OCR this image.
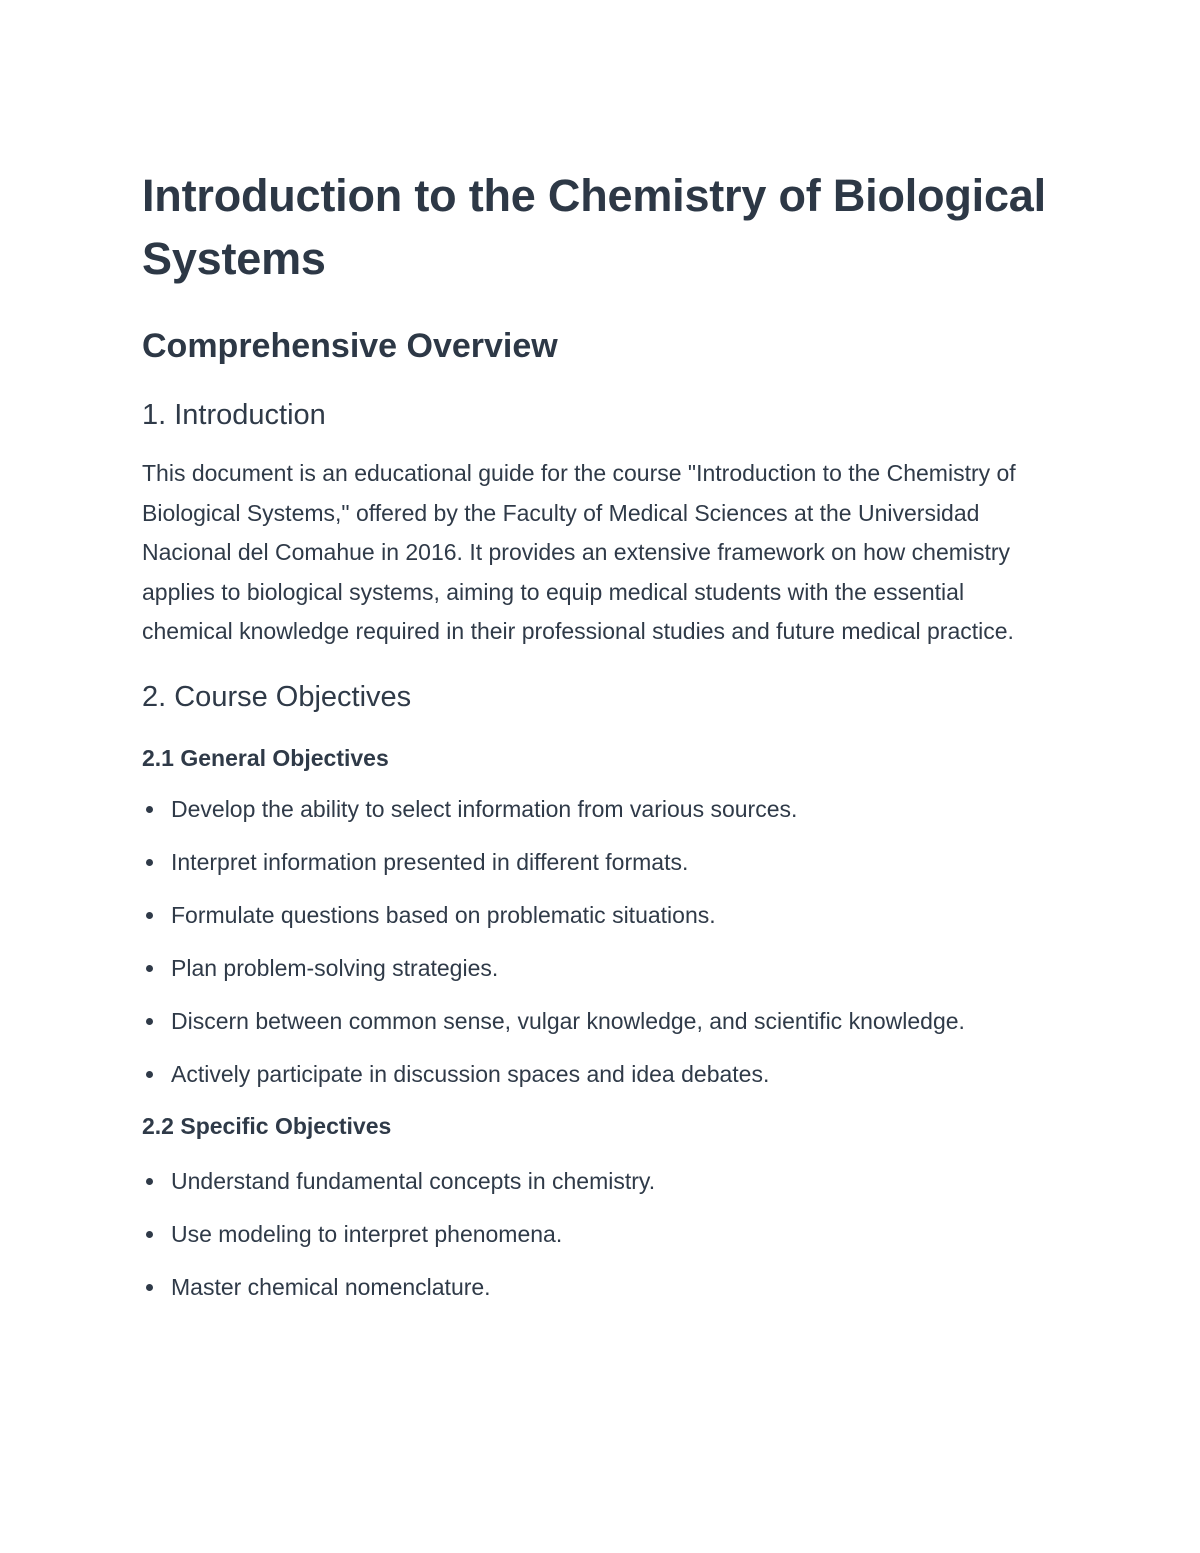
Introduction to the Chemistry of Biological Systems
Comprehensive Overview
1. Introduction

This document is an educational guide for the course "Introduction to the Chemistry of Biological Systems," offered by the Faculty of Medical Sciences at the Universidad Nacional del Comahue in 2016. It provides an extensive framework on how chemistry applies to biological systems, aiming to equip medical students with the essential chemical knowledge required in their professional studies and future medical practice.

2. Course Objectives
2.1 General Objectives
Develop the ability to select information from various sources.
Interpret information presented in different formats.
Formulate questions based on problematic situations.
Plan problem-solving strategies.
Discern between common sense, vulgar knowledge, and scientific knowledge.
Actively participate in discussion spaces and idea debates.
2.2 Specific Objectives
Understand fundamental concepts in chemistry.
Use modeling to interpret phenomena.
Master chemical nomenclature.
